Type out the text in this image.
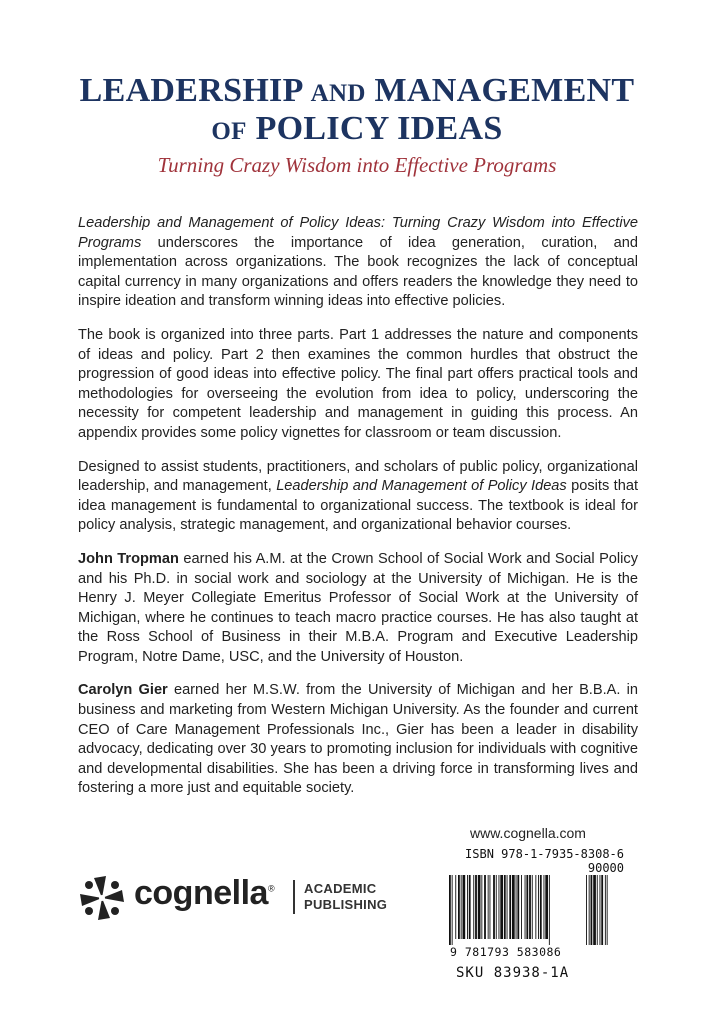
LEADERSHIP AND MANAGEMENT
OF POLICY IDEAS
Turning Crazy Wisdom into Effective Programs

Leadership and Management of Policy Ideas: Turning Crazy Wisdom into Effective Programs underscores the importance of idea generation, curation, and implementation across organizations. The book recognizes the lack of conceptual capital currency in many organizations and offers readers the knowledge they need to inspire ideation and transform winning ideas into effective policies.

The book is organized into three parts. Part 1 addresses the nature and components of ideas and policy. Part 2 then examines the common hurdles that obstruct the progression of good ideas into effective policy. The final part offers practical tools and methodologies for overseeing the evolution from idea to policy, underscoring the necessity for competent leadership and management in guiding this process. An appendix provides some policy vignettes for classroom or team discussion.

Designed to assist students, practitioners, and scholars of public policy, organizational leadership, and management, Leadership and Management of Policy Ideas posits that idea management is fundamental to organizational success. The textbook is ideal for policy analysis, strategic management, and organizational behavior courses.

John Tropman earned his A.M. at the Crown School of Social Work and Social Policy and his Ph.D. in social work and sociology at the University of Michigan. He is the Henry J. Meyer Collegiate Emeritus Professor of Social Work at the University of Michigan, where he continues to teach macro practice courses. He has also taught at the Ross School of Business in their M.B.A. Program and Executive Leadership Program, Notre Dame, USC, and the University of Houston.

Carolyn Gier earned her M.S.W. from the University of Michigan and her B.B.A. in business and marketing from Western Michigan University. As the founder and current CEO of Care Management Professionals Inc., Gier has been a leader in disability advocacy, dedicating over 30 years to promoting inclusion for individuals with cognitive and developmental disabilities. She has been a driving force in transforming lives and fostering a more just and equitable society.

www.cognella.com
cognella® ACADEMIC
PUBLISHING
ISBN 978-1-7935-8308-6
90000
9 781793 583086
SKU 83938-1A
